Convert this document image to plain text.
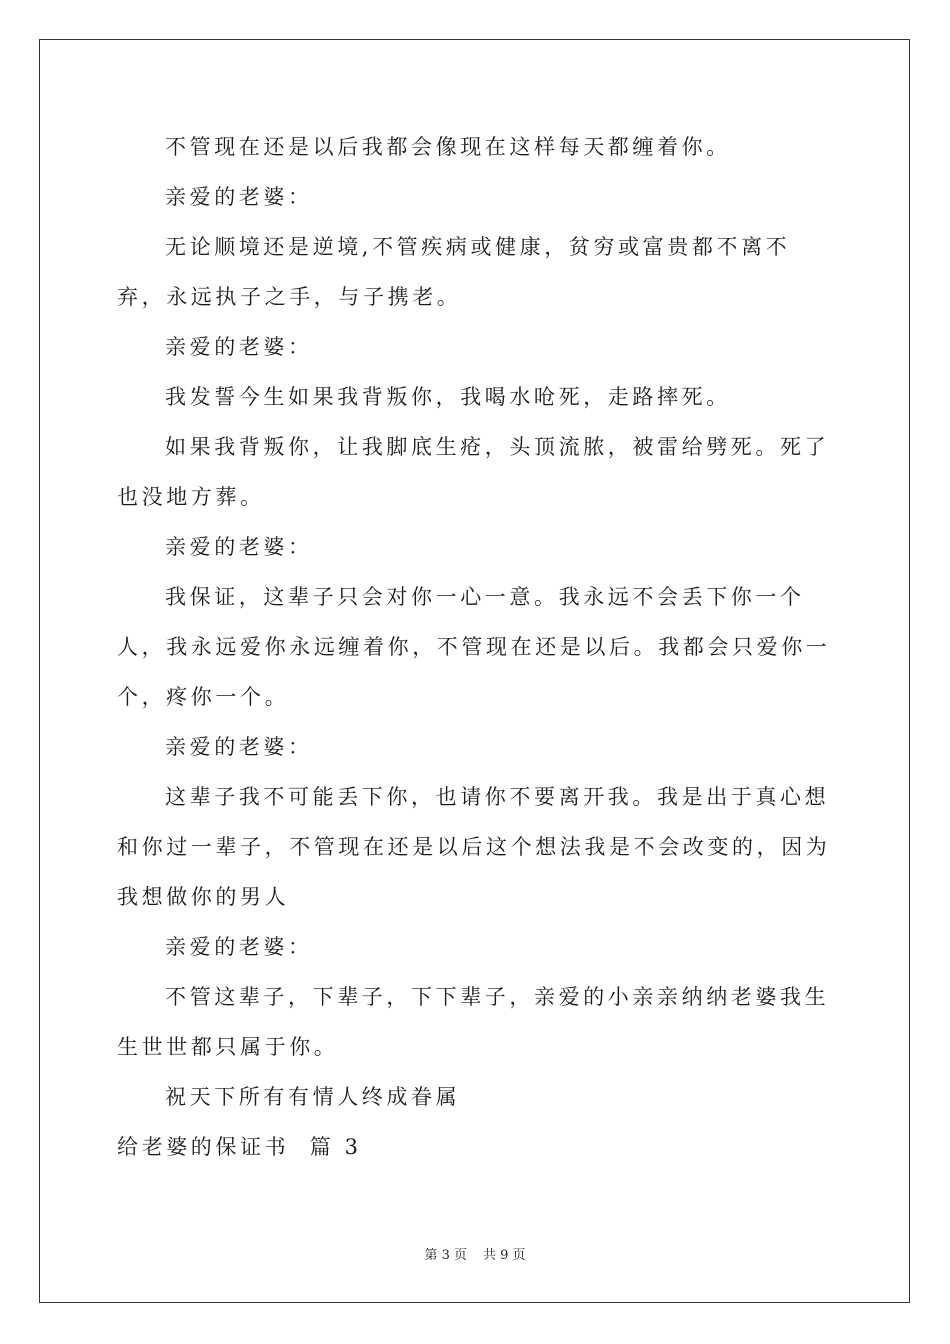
不管现在还是以后我都会像现在这样每天都缠着你。

亲爱的老婆：

无论顺境还是逆境,不管疾病或健康，贫穷或富贵都不离不弃，永远执子之手，与子携老。

亲爱的老婆：

我发誓今生如果我背叛你，我喝水呛死，走路摔死。

如果我背叛你，让我脚底生疮，头顶流脓，被雷给劈死。死了也没地方葬。

亲爱的老婆：

我保证，这辈子只会对你一心一意。我永远不会丢下你一个人，我永远爱你永远缠着你，不管现在还是以后。我都会只爱你一个，疼你一个。

亲爱的老婆：

这辈子我不可能丢下你，也请你不要离开我。我是出于真心想和你过一辈子，不管现在还是以后这个想法我是不会改变的，因为我想做你的男人

亲爱的老婆：

不管这辈子，下辈子，下下辈子，亲爱的小亲亲纳纳老婆我生生世世都只属于你。

祝天下所有有情人终成眷属

给老婆的保证书  篇 3

第 3 页 共 9 页
